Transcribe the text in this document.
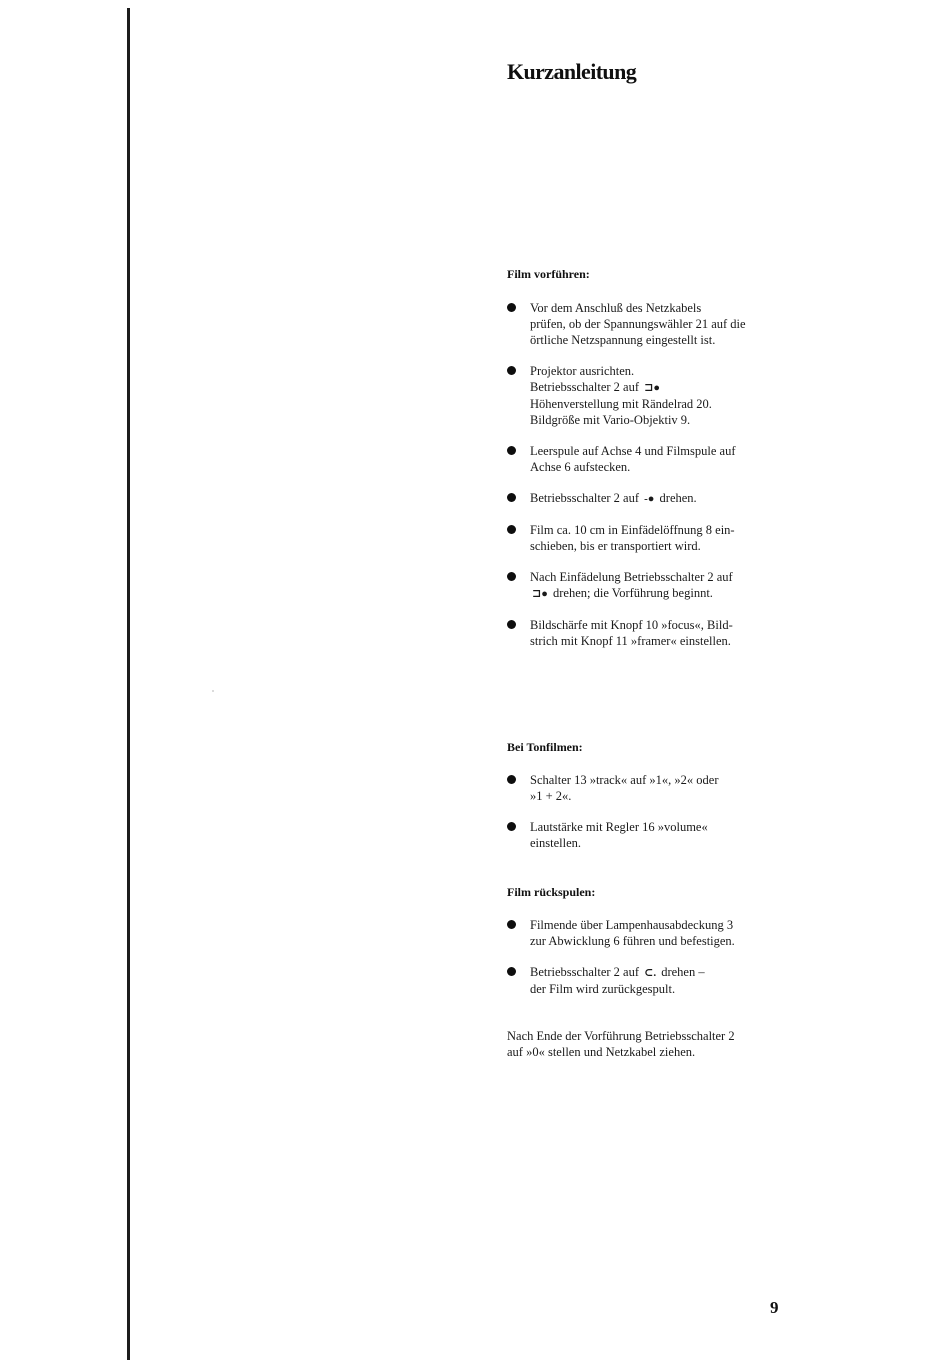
Kurzanleitung
Film vorführen:
Vor dem Anschluß des Netzkabels
prüfen, ob der Spannungswähler 21 auf die
örtliche Netzspannung eingestellt ist.
Projektor ausrichten.
Betriebsschalter 2 auf ⊐●
Höhenverstellung mit Rändelrad 20.
Bildgröße mit Vario-Objektiv 9.
Leerspule auf Achse 4 und Filmspule auf
Achse 6 aufstecken.
Betriebsschalter 2 auf -● drehen.
Film ca. 10 cm in Einfädelöffnung 8 ein-
schieben, bis er transportiert wird.
Nach Einfädelung Betriebsschalter 2 auf
⊐● drehen; die Vorführung beginnt.
Bildschärfe mit Knopf 10 »focus«, Bild-
strich mit Knopf 11 »framer« einstellen.
Bei Tonfilmen:
Schalter 13 »track« auf »1«, »2« oder
»1 + 2«.
Lautstärke mit Regler 16 »volume«
einstellen.
Film rückspulen:
Filmende über Lampenhausabdeckung 3
zur Abwicklung 6 führen und befestigen.
Betriebsschalter 2 auf ⊂. drehen –
der Film wird zurückgespult.

Nach Ende der Vorführung Betriebsschalter 2
auf »0« stellen und Netzkabel ziehen.

9
